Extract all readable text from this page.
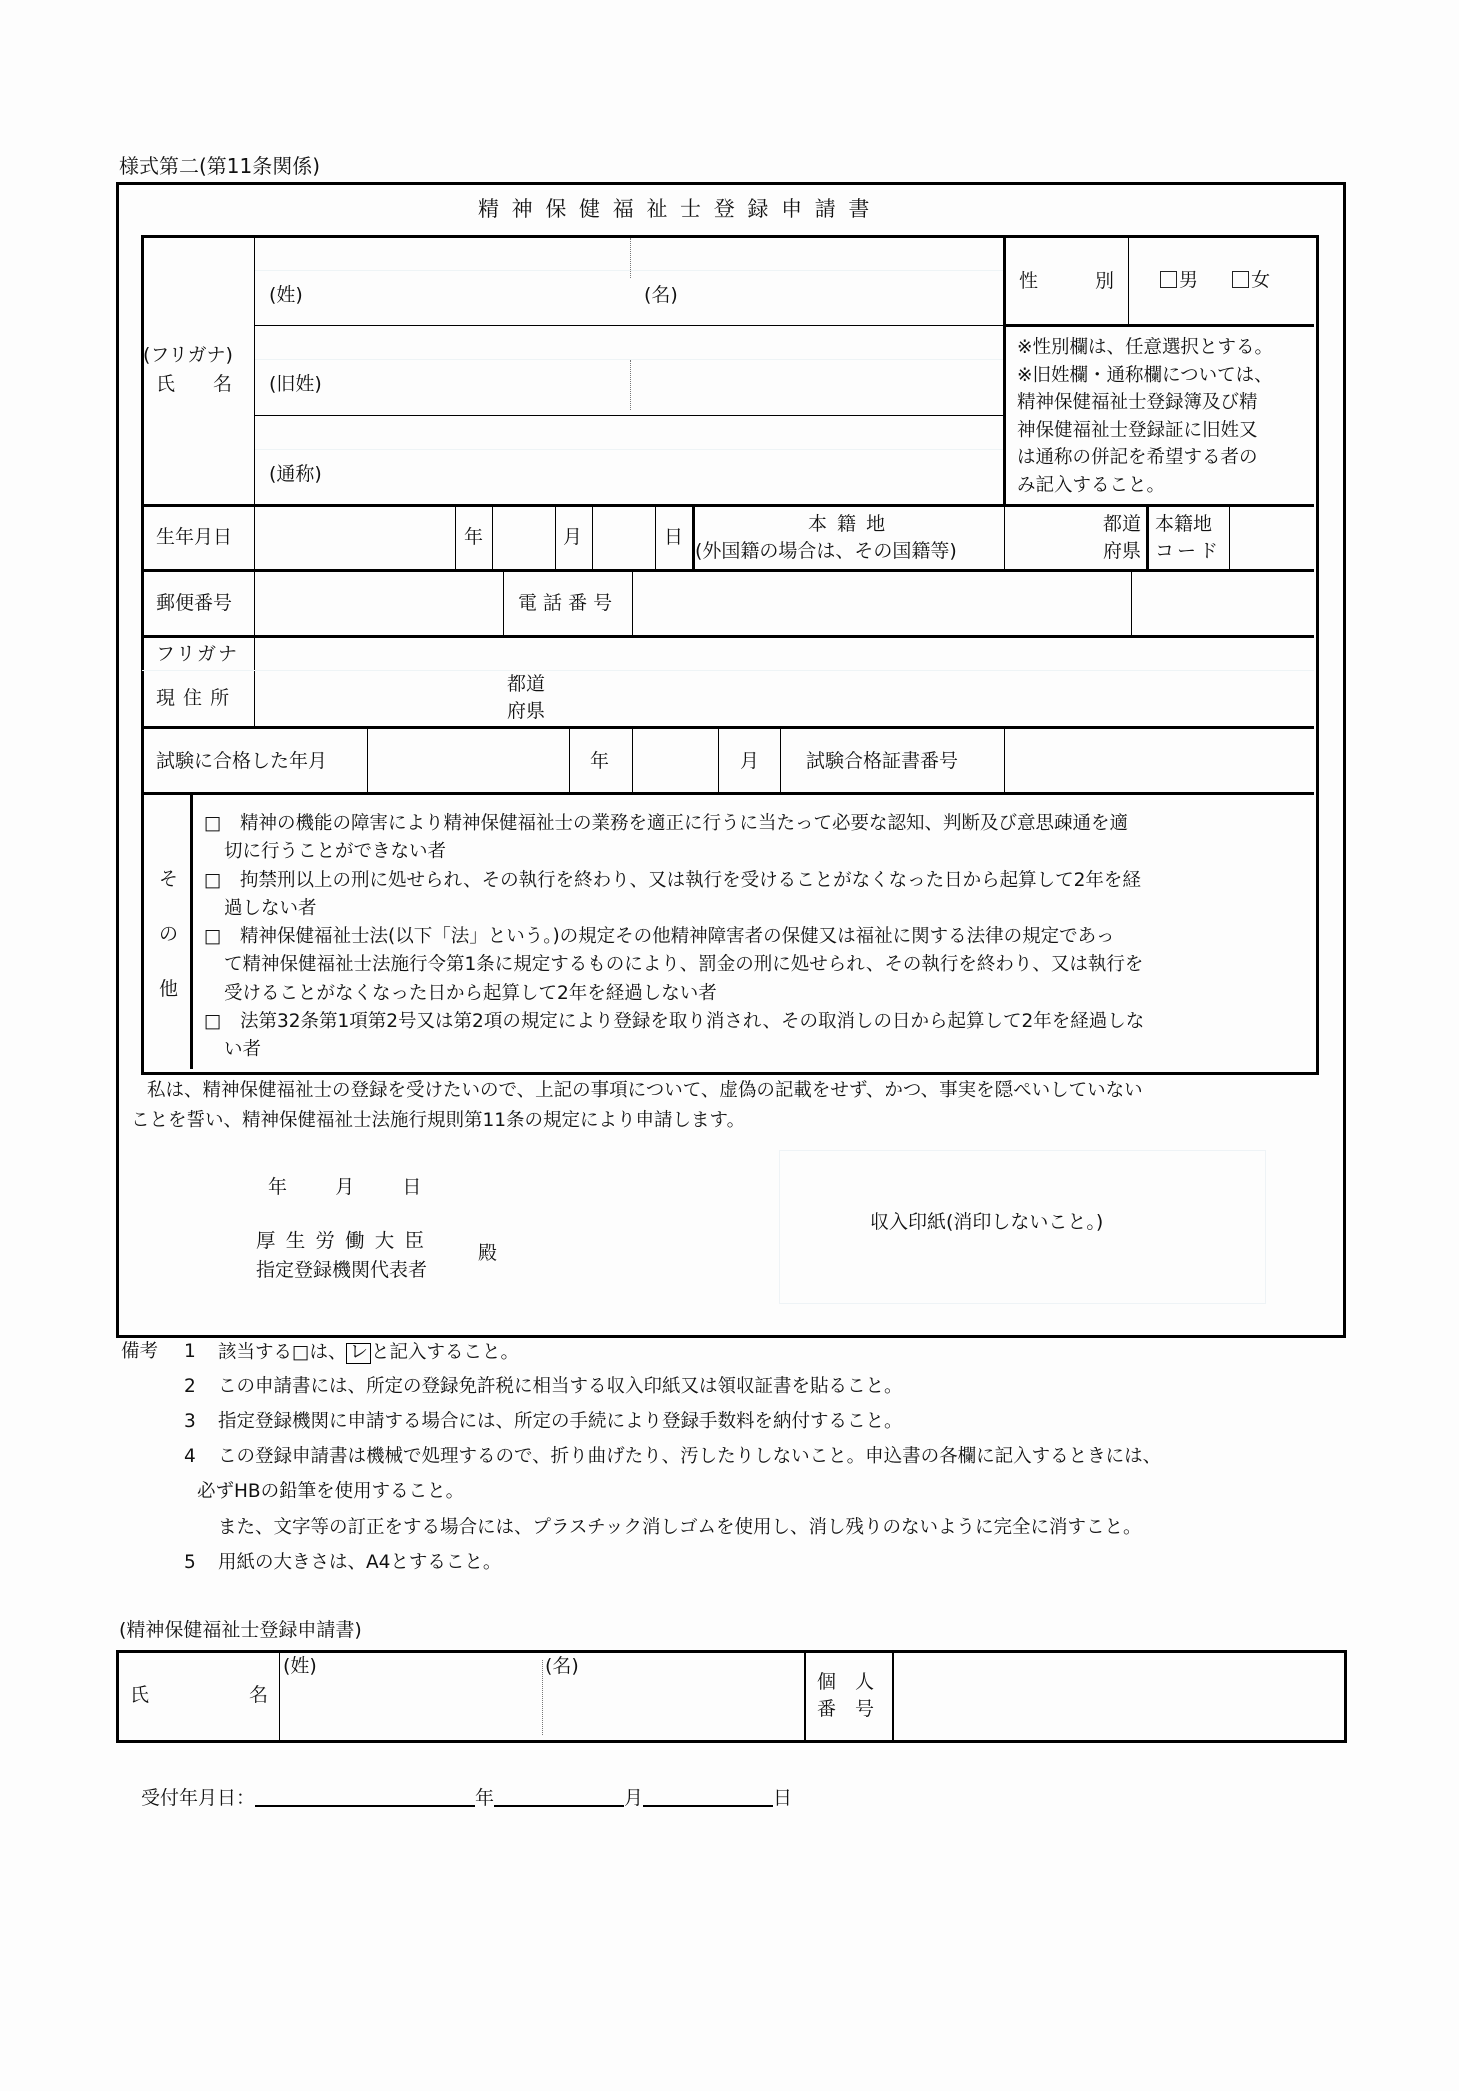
様式第二(第11条関係)
精 神 保 健 福 祉 士 登 録 申 請 書
(フリガナ)
氏　　名
(姓)	(名)
(旧姓)
(通称)
性　　　別	男	女
※性別欄は、任意選択とする。
※旧姓欄・通称欄については、
精神保健福祉士登録簿及び精
神保健福祉士登録証に旧姓又
は通称の併記を希望する者の
み記入すること。
生年月日	年	月	日
本 籍 地
(外国籍の場合は、その国籍等)
都道
府県
本籍地
コード
郵便番号	電 話 番 号
フリガナ
現 住 所
都道
府県
試験に合格した年月	年	月 試験合格証書番号
そ
の
他
□　精神の機能の障害により精神保健福祉士の業務を適正に行うに当たって必要な認知、判断及び意思疎通を適
切に行うことができない者
□　拘禁刑以上の刑に処せられ、その執行を終わり、又は執行を受けることがなくなった日から起算して2年を経
過しない者
□　精神保健福祉士法(以下「法」という。)の規定その他精神障害者の保健又は福祉に関する法律の規定であっ
て精神保健福祉士法施行令第1条に規定するものにより、罰金の刑に処せられ、その執行を終わり、又は執行を
受けることがなくなった日から起算して2年を経過しない者
□　法第32条第1項第2号又は第2項の規定により登録を取り消され、その取消しの日から起算して2年を経過しな
い者
私は、精神保健福祉士の登録を受けたいので、上記の事項について、虚偽の記載をせず、かつ、事実を隠ぺいしていない
ことを誓い、精神保健福祉士法施行規則第11条の規定により申請します。
年	月	日
厚 生 労 働 大 臣
指定登録機関代表者
殿
収入印紙(消印しないこと。)
備考 1 該当する□は、 レ と記入すること。
2 この申請書には、所定の登録免許税に相当する収入印紙又は領収証書を貼ること。
3 指定登録機関に申請する場合には、所定の手続により登録手数料を納付すること。
4 この登録申請書は機械で処理するので、折り曲げたり、汚したりしないこと。申込書の各欄に記入するときには、
必ずHBの鉛筆を使用すること。
また、文字等の訂正をする場合には、プラスチック消しゴムを使用し、消し残りのないように完全に消すこと。
5 用紙の大きさは、A4とすること。
(精神保健福祉士登録申請書)
氏	名
(姓)	(名)
個　人
番　号
受付年月日：	年	月	日
